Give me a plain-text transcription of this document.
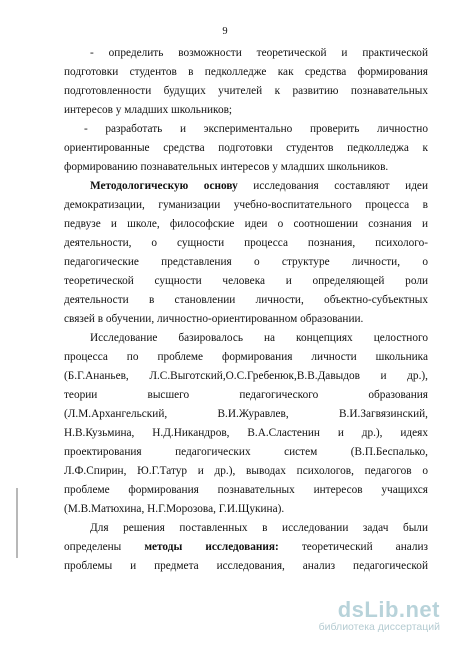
9
- определить возможности теоретической и практической
подготовки студентов в педколледже как средства формирования
подготовленности будущих учителей к развитию познавательных
интересов у младших школьников;
- разработать и экспериментально проверить личностно
ориентированные средства подготовки студентов педколледжа к
формированию познавательных интересов у младших школьников.
Методологическую основу исследования составляют идеи
демократизации, гуманизации учебно-воспитательного процесса в
педвузе и школе, философские идеи о соотношении сознания и
деятельности, о сущности процесса познания, психолого-
педагогические представления о структуре личности, о
теоретической сущности человека и определяющей роли
деятельности в становлении личности, объектно-субъектных
связей в обучении, личностно-ориентированном образовании.
Исследование базировалось на концепциях целостного
процесса по проблеме формирования личности школьника
(Б.Г.Ананьев, Л.С.Выготский,О.С.Гребенюк,В.В.Давыдов и др.),
теории высшего педагогического образования
(Л.М.Архангельский, В.И.Журавлев, В.И.Загвязинский,
Н.В.Кузьмина, Н.Д.Никандров, В.А.Сластенин и др.), идеях
проектирования педагогических систем (В.П.Беспалько,
Л.Ф.Спирин, Ю.Г.Татур и др.), выводах психологов, педагогов о
проблеме формирования познавательных интересов учащихся
(М.В.Матюхина, Н.Г.Морозова, Г.И.Щукина).
Для решения поставленных в исследовании задач были
определены методы исследования: теоретический анализ
проблемы и предмета исследования, анализ педагогической
dsLib.net
библиотека диссертаций
